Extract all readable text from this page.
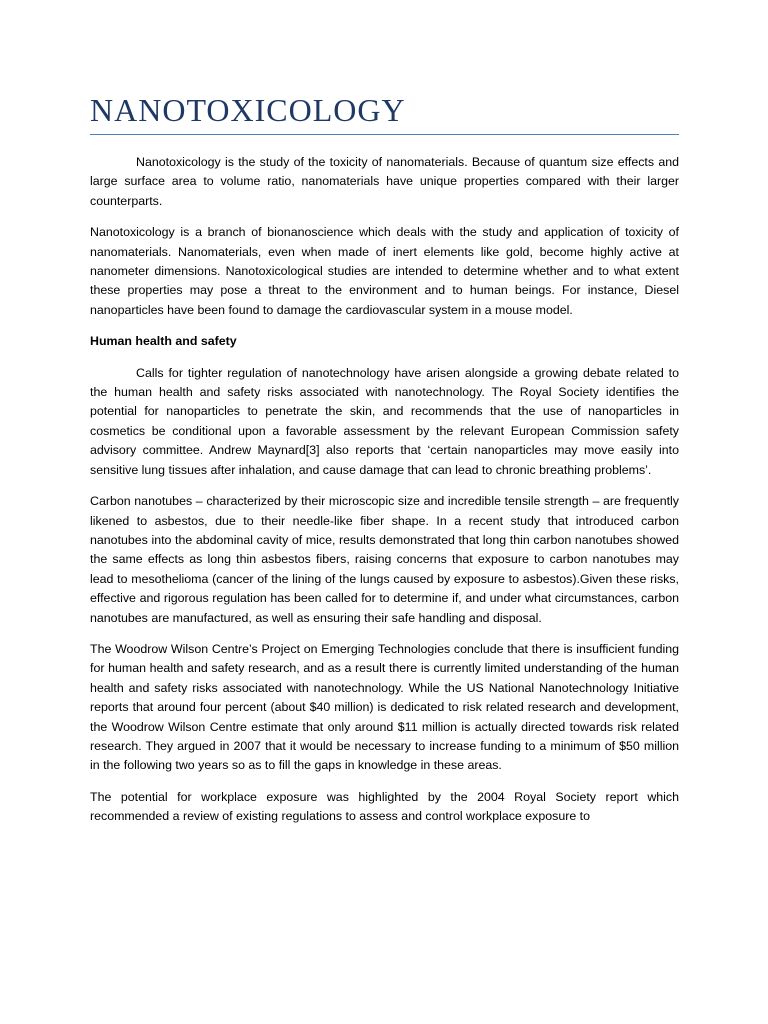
NANOTOXICOLOGY

Nanotoxicology is the study of the toxicity of nanomaterials. Because of quantum size effects and large surface area to volume ratio, nanomaterials have unique properties compared with their larger counterparts.

Nanotoxicology is a branch of bionanoscience which deals with the study and application of toxicity of nanomaterials. Nanomaterials, even when made of inert elements like gold, become highly active at nanometer dimensions. Nanotoxicological studies are intended to determine whether and to what extent these properties may pose a threat to the environment and to human beings. For instance, Diesel nanoparticles have been found to damage the cardiovascular system in a mouse model.

Human health and safety

Calls for tighter regulation of nanotechnology have arisen alongside a growing debate related to the human health and safety risks associated with nanotechnology. The Royal Society identifies the potential for nanoparticles to penetrate the skin, and recommends that the use of nanoparticles in cosmetics be conditional upon a favorable assessment by the relevant European Commission safety advisory committee. Andrew Maynard[3] also reports that ‘certain nanoparticles may move easily into sensitive lung tissues after inhalation, and cause damage that can lead to chronic breathing problems’.

Carbon nanotubes – characterized by their microscopic size and incredible tensile strength – are frequently likened to asbestos, due to their needle-like fiber shape. In a recent study that introduced carbon nanotubes into the abdominal cavity of mice, results demonstrated that long thin carbon nanotubes showed the same effects as long thin asbestos fibers, raising concerns that exposure to carbon nanotubes may lead to mesothelioma (cancer of the lining of the lungs caused by exposure to asbestos).Given these risks, effective and rigorous regulation has been called for to determine if, and under what circumstances, carbon nanotubes are manufactured, as well as ensuring their safe handling and disposal.

The Woodrow Wilson Centre’s Project on Emerging Technologies conclude that there is insufficient funding for human health and safety research, and as a result there is currently limited understanding of the human health and safety risks associated with nanotechnology. While the US National Nanotechnology Initiative reports that around four percent (about $40 million) is dedicated to risk related research and development, the Woodrow Wilson Centre estimate that only around $11 million is actually directed towards risk related research. They argued in 2007 that it would be necessary to increase funding to a minimum of $50 million in the following two years so as to fill the gaps in knowledge in these areas.

The potential for workplace exposure was highlighted by the 2004 Royal Society report which recommended a review of existing regulations to assess and control workplace exposure to
